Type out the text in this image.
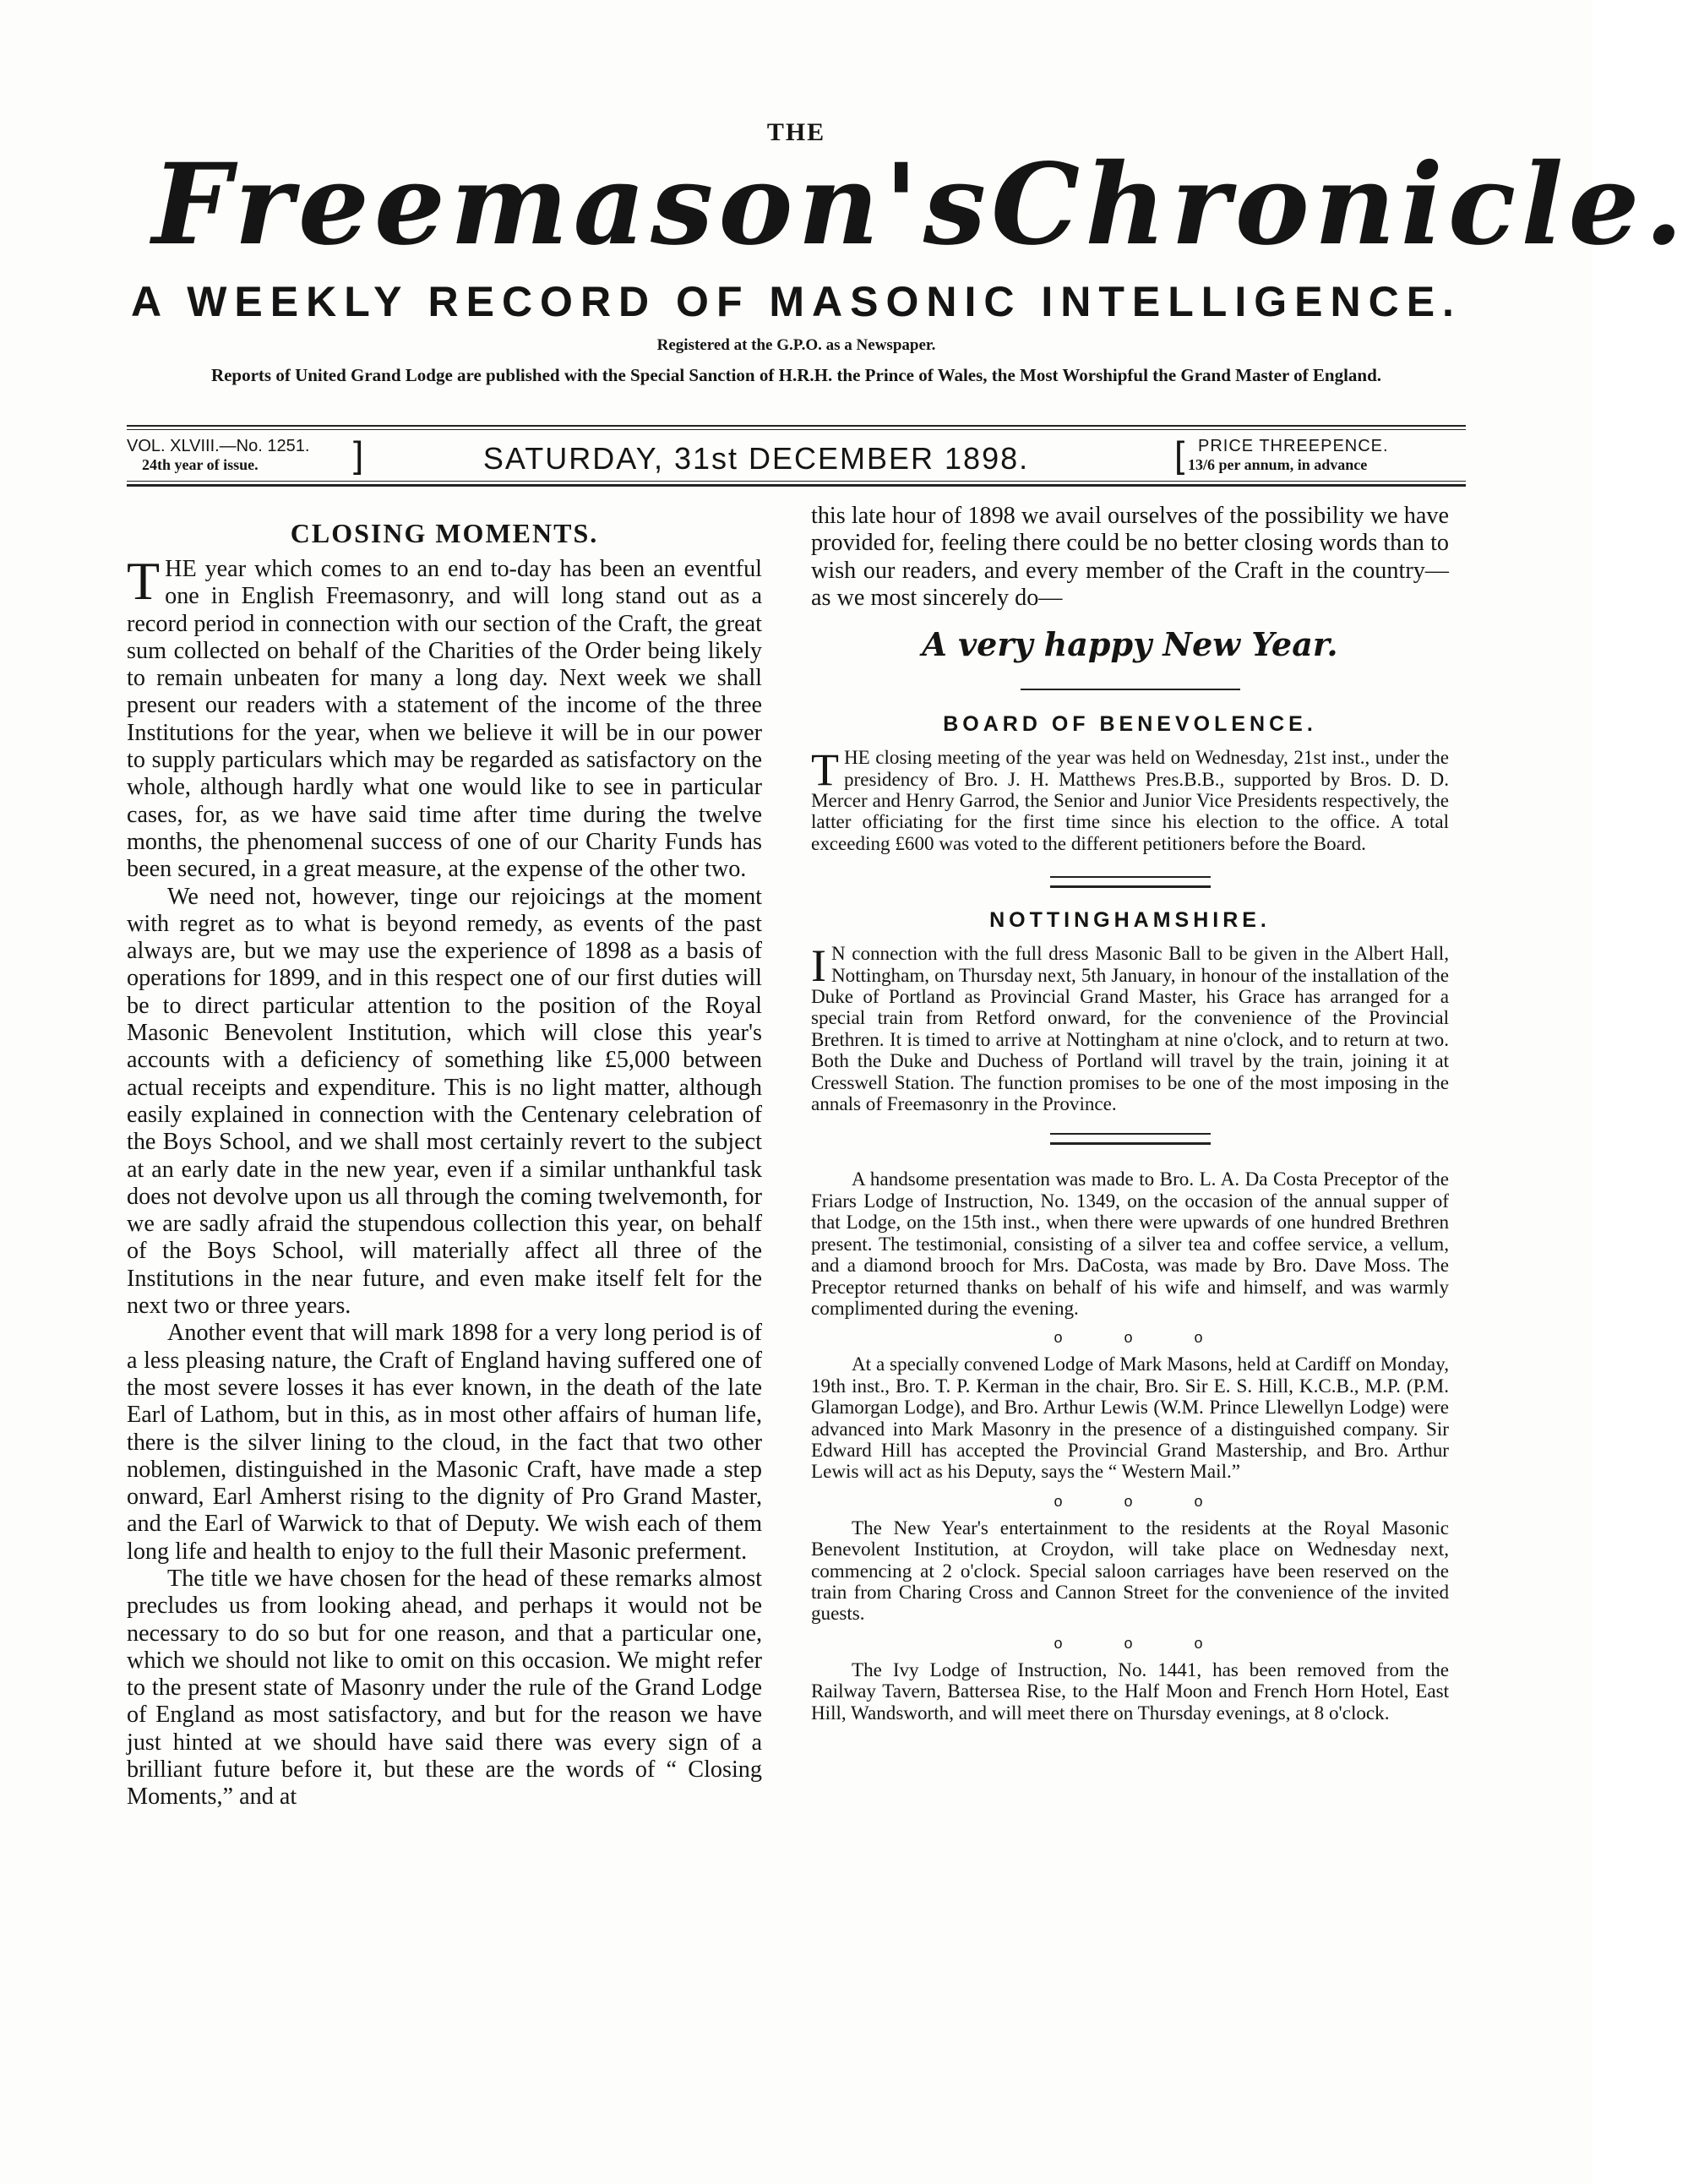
THE
Freemason's Chronicle.
A WEEKLY RECORD OF MASONIC INTELLIGENCE.
Registered at the G.P.O. as a Newspaper.
Reports of United Grand Lodge are published with the Special Sanction of H.R.H. the Prince of Wales, the Most Worshipful the Grand Master of England.
VOL. XLVIII.—No. 1251.
24th year of issue.	]	SATURDAY, 31st DECEMBER 1898.	[ PRICE THREEPENCE.
13/6 per annum, in advance
CLOSING MOMENTS.

THE year which comes to an end to-day has been an eventful one in English Freemasonry, and will long stand out as a record period in connection with our section of the Craft, the great sum collected on behalf of the Charities of the Order being likely to remain unbeaten for many a long day. Next week we shall present our readers with a statement of the income of the three Institutions for the year, when we believe it will be in our power to supply particulars which may be regarded as satisfactory on the whole, although hardly what one would like to see in particular cases, for, as we have said time after time during the twelve months, the phenomenal success of one of our Charity Funds has been secured, in a great measure, at the expense of the other two.

We need not, however, tinge our rejoicings at the moment with regret as to what is beyond remedy, as events of the past always are, but we may use the experience of 1898 as a basis of operations for 1899, and in this respect one of our first duties will be to direct particular attention to the position of the Royal Masonic Benevolent Institution, which will close this year's accounts with a deficiency of something like £5,000 between actual receipts and expenditure. This is no light matter, although easily explained in connection with the Centenary celebration of the Boys School, and we shall most certainly revert to the subject at an early date in the new year, even if a similar unthankful task does not devolve upon us all through the coming twelvemonth, for we are sadly afraid the stupendous collection this year, on behalf of the Boys School, will materially affect all three of the Institutions in the near future, and even make itself felt for the next two or three years.

Another event that will mark 1898 for a very long period is of a less pleasing nature, the Craft of England having suffered one of the most severe losses it has ever known, in the death of the late Earl of Lathom, but in this, as in most other affairs of human life, there is the silver lining to the cloud, in the fact that two other noblemen, distinguished in the Masonic Craft, have made a step onward, Earl Amherst rising to the dignity of Pro Grand Master, and the Earl of Warwick to that of Deputy. We wish each of them long life and health to enjoy to the full their Masonic preferment.

The title we have chosen for the head of these remarks almost precludes us from looking ahead, and perhaps it would not be necessary to do so but for one reason, and that a particular one, which we should not like to omit on this occasion. We might refer to the present state of Masonry under the rule of the Grand Lodge of England as most satisfactory, and but for the reason we have just hinted at we should have said there was every sign of a brilliant future before it, but these are the words of “ Closing Moments,” and at

this late hour of 1898 we avail ourselves of the possibility we have provided for, feeling there could be no better closing words than to wish our readers, and every member of the Craft in the country—as we most sincerely do—

A very happy New Year.
BOARD OF BENEVOLENCE.

THE closing meeting of the year was held on Wednesday, 21st inst., under the presidency of Bro. J. H. Matthews Pres.B.B., supported by Bros. D. D. Mercer and Henry Garrod, the Senior and Junior Vice Presidents respectively, the latter officiating for the first time since his election to the office. A total exceeding £600 was voted to the different petitioners before the Board.

NOTTINGHAMSHIRE.

I N connection with the full dress Masonic Ball to be given in the Albert Hall, Nottingham, on Thursday next, 5th January, in honour of the installation of the Duke of Portland as Provincial Grand Master, his Grace has arranged for a special train from Retford onward, for the convenience of the Provincial Brethren. It is timed to arrive at Nottingham at nine o'clock, and to return at two. Both the Duke and Duchess of Portland will travel by the train, joining it at Cresswell Station. The function promises to be one of the most imposing in the annals of Freemasonry in the Province.

A handsome presentation was made to Bro. L. A. Da Costa Preceptor of the Friars Lodge of Instruction, No. 1349, on the occasion of the annual supper of that Lodge, on the 15th inst., when there were upwards of one hundred Brethren present. The testimonial, consisting of a silver tea and coffee service, a vellum, and a diamond brooch for Mrs. DaCosta, was made by Bro. Dave Moss. The Preceptor returned thanks on behalf of his wife and himself, and was warmly complimented during the evening.

o o o

At a specially convened Lodge of Mark Masons, held at Cardiff on Monday, 19th inst., Bro. T. P. Kerman in the chair, Bro. Sir E. S. Hill, K.C.B., M.P. (P.M. Glamorgan Lodge), and Bro. Arthur Lewis (W.M. Prince Llewellyn Lodge) were advanced into Mark Masonry in the presence of a distinguished company. Sir Edward Hill has accepted the Provincial Grand Mastership, and Bro. Arthur Lewis will act as his Deputy, says the “ Western Mail.”

o o o

The New Year's entertainment to the residents at the Royal Masonic Benevolent Institution, at Croydon, will take place on Wednesday next, commencing at 2 o'clock. Special saloon carriages have been reserved on the train from Charing Cross and Cannon Street for the convenience of the invited guests.

o o o

The Ivy Lodge of Instruction, No. 1441, has been removed from the Railway Tavern, Battersea Rise, to the Half Moon and French Horn Hotel, East Hill, Wandsworth, and will meet there on Thursday evenings, at 8 o'clock.
